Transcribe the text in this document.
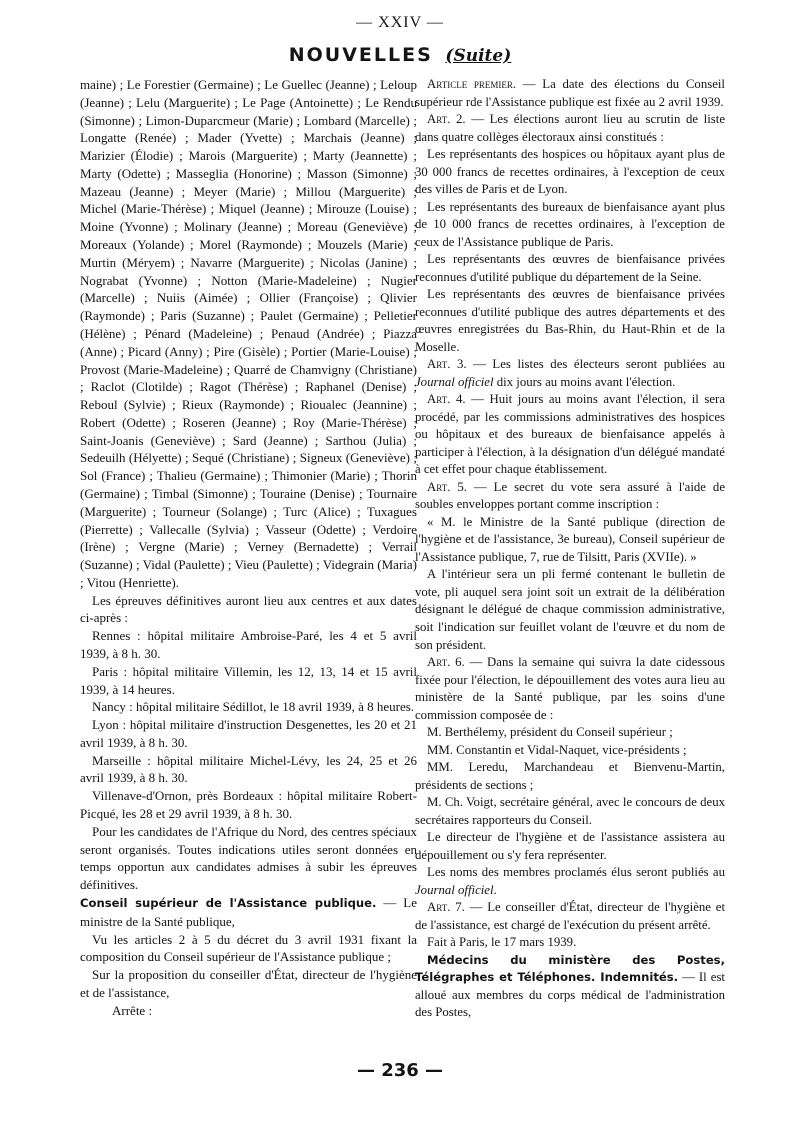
— XXIV —
NOUVELLES (Suite)

maine) ; Le Forestier (Germaine) ; Le Guellec (Jeanne) ; Leloup (Jeanne) ; Lelu (Marguerite) ; Le Page (Antoinette) ; Le Rendu (Simonne) ; Limon-Duparcmeur (Marie) ; Lombard (Marcelle) ; Longatte (Renée) ; Mader (Yvette) ; Marchais (Jeanne) ; Marizier (Élodie) ; Marois (Marguerite) ; Marty (Jeannette) ; Marty (Odette) ; Masseglia (Honorine) ; Masson (Simonne) ; Mazeau (Jeanne) ; Meyer (Marie) ; Millou (Marguerite) ; Michel (Marie-Thérèse) ; Miquel (Jeanne) ; Mirouze (Louise) ; Moine (Yvonne) ; Molinary (Jeanne) ; Moreau (Geneviève) ; Moreaux (Yolande) ; Morel (Raymonde) ; Mouzels (Marie) ; Murtin (Méryem) ; Navarre (Marguerite) ; Nicolas (Janine) ; Nograbat (Yvonne) ; Notton (Marie-Madeleine) ; Nugier (Marcelle) ; Nuiis (Aimée) ; Ollier (Françoise) ; Qlivier (Raymonde) ; Paris (Suzanne) ; Paulet (Germaine) ; Pelletier (Hélène) ; Pénard (Madeleine) ; Penaud (Andrée) ; Piazza (Anne) ; Picard (Anny) ; Pire (Gisèle) ; Portier (Marie-Louise) ; Provost (Marie-Madeleine) ; Quarré de Chamvigny (Christiane) ; Raclot (Clotilde) ; Ragot (Thérèse) ; Raphanel (Denise) ; Reboul (Sylvie) ; Rieux (Raymonde) ; Rioualec (Jeannine) ; Robert (Odette) ; Roseren (Jeanne) ; Roy (Marie-Thérèse) ; Saint-Joanis (Geneviève) ; Sard (Jeanne) ; Sarthou (Julia) ; Sedeuilh (Hélyette) ; Sequé (Christiane) ; Signeux (Geneviève) ; Sol (France) ; Thalieu (Germaine) ; Thimonier (Marie) ; Thorin (Germaine) ; Timbal (Simonne) ; Touraine (Denise) ; Tournaire (Marguerite) ; Tourneur (Solange) ; Turc (Alice) ; Tuxagues (Pierrette) ; Vallecalle (Sylvia) ; Vasseur (Odette) ; Verdoire (Irène) ; Vergne (Marie) ; Verney (Bernadette) ; Verrail (Suzanne) ; Vidal (Paulette) ; Vieu (Paulette) ; Videgrain (Maria) ; Vitou (Henriette).

Les épreuves définitives auront lieu aux centres et aux dates ci-après :

Rennes : hôpital militaire Ambroise-Paré, les 4 et 5 avril 1939, à 8 h. 30.

Paris : hôpital militaire Villemin, les 12, 13, 14 et 15 avril 1939, à 14 heures.

Nancy : hôpital militaire Sédillot, le 18 avril 1939, à 8 heures.

Lyon : hôpital militaire d'instruction Desgenettes, les 20 et 21 avril 1939, à 8 h. 30.

Marseille : hôpital militaire Michel-Lévy, les 24, 25 et 26 avril 1939, à 8 h. 30.

Villenave-d'Ornon, près Bordeaux : hôpital militaire Robert-Picqué, les 28 et 29 avril 1939, à 8 h. 30.

Pour les candidates de l'Afrique du Nord, des centres spéciaux seront organisés. Toutes indications utiles seront données en temps opportun aux candidates admises à subir les épreuves définitives.

Conseil supérieur de l'Assistance publique. — Le ministre de la Santé publique,

Vu les articles 2 à 5 du décret du 3 avril 1931 fixant la composition du Conseil supérieur de l'Assistance publique ;

Sur la proposition du conseiller d'État, directeur de l'hygiène et de l'assistance,

Arrête :

Article premier. — La date des élections du Conseil supérieur rde l'Assistance publique est fixée au 2 avril 1939.

Art. 2. — Les élections auront lieu au scrutin de liste dans quatre collèges électoraux ainsi constitués :

Les représentants des hospices ou hôpitaux ayant plus de 30 000 francs de recettes ordinaires, à l'exception de ceux des villes de Paris et de Lyon.

Les représentants des bureaux de bienfaisance ayant plus de 10 000 francs de recettes ordinaires, à l'exception de ceux de l'Assistance publique de Paris.

Les représentants des œuvres de bienfaisance privées reconnues d'utilité publique du département de la Seine.

Les représentants des œuvres de bienfaisance privées reconnues d'utilité publique des autres départements et des œuvres enregistrées du Bas-Rhin, du Haut-Rhin et de la Moselle.

Art. 3. — Les listes des électeurs seront publiées au Journal officiel dix jours au moins avant l'élection.

Art. 4. — Huit jours au moins avant l'élection, il sera procédé, par les commissions administratives des hospices ou hôpitaux et des bureaux de bienfaisance appelés à participer à l'élection, à la désignation d'un délégué mandaté à cet effet pour chaque établissement.

Art. 5. — Le secret du vote sera assuré à l'aide de soubles enveloppes portant comme inscription :

« M. le Ministre de la Santé publique (direction de l'hygiène et de l'assistance, 3e bureau), Conseil supérieur de l'Assistance publique, 7, rue de Tilsitt, Paris (XVIIe). »

A l'intérieur sera un pli fermé contenant le bulletin de vote, pli auquel sera joint soit un extrait de la délibération désignant le délégué de chaque commission administrative, soit l'indication sur feuillet volant de l'œuvre et du nom de son président.

Art. 6. — Dans la semaine qui suivra la date cidessous fixée pour l'élection, le dépouillement des votes aura lieu au ministère de la Santé publique, par les soins d'une commission composée de :

M. Berthélemy, président du Conseil supérieur ;

MM. Constantin et Vidal-Naquet, vice-présidents ;

MM. Leredu, Marchandeau et Bienvenu-Martin, présidents de sections ;

M. Ch. Voigt, secrétaire général, avec le concours de deux secrétaires rapporteurs du Conseil.

Le directeur de l'hygiène et de l'assistance assistera au dépouillement ou s'y fera représenter.

Les noms des membres proclamés élus seront publiés au Journal officiel.

Art. 7. — Le conseiller d'État, directeur de l'hygiène et de l'assistance, est chargé de l'exécution du présent arrêté.

Fait à Paris, le 17 mars 1939.

Médecins du ministère des Postes, Télégraphes et Téléphones. Indemnités. — Il est alloué aux membres du corps médical de l'administration des Postes,

— 236 —
